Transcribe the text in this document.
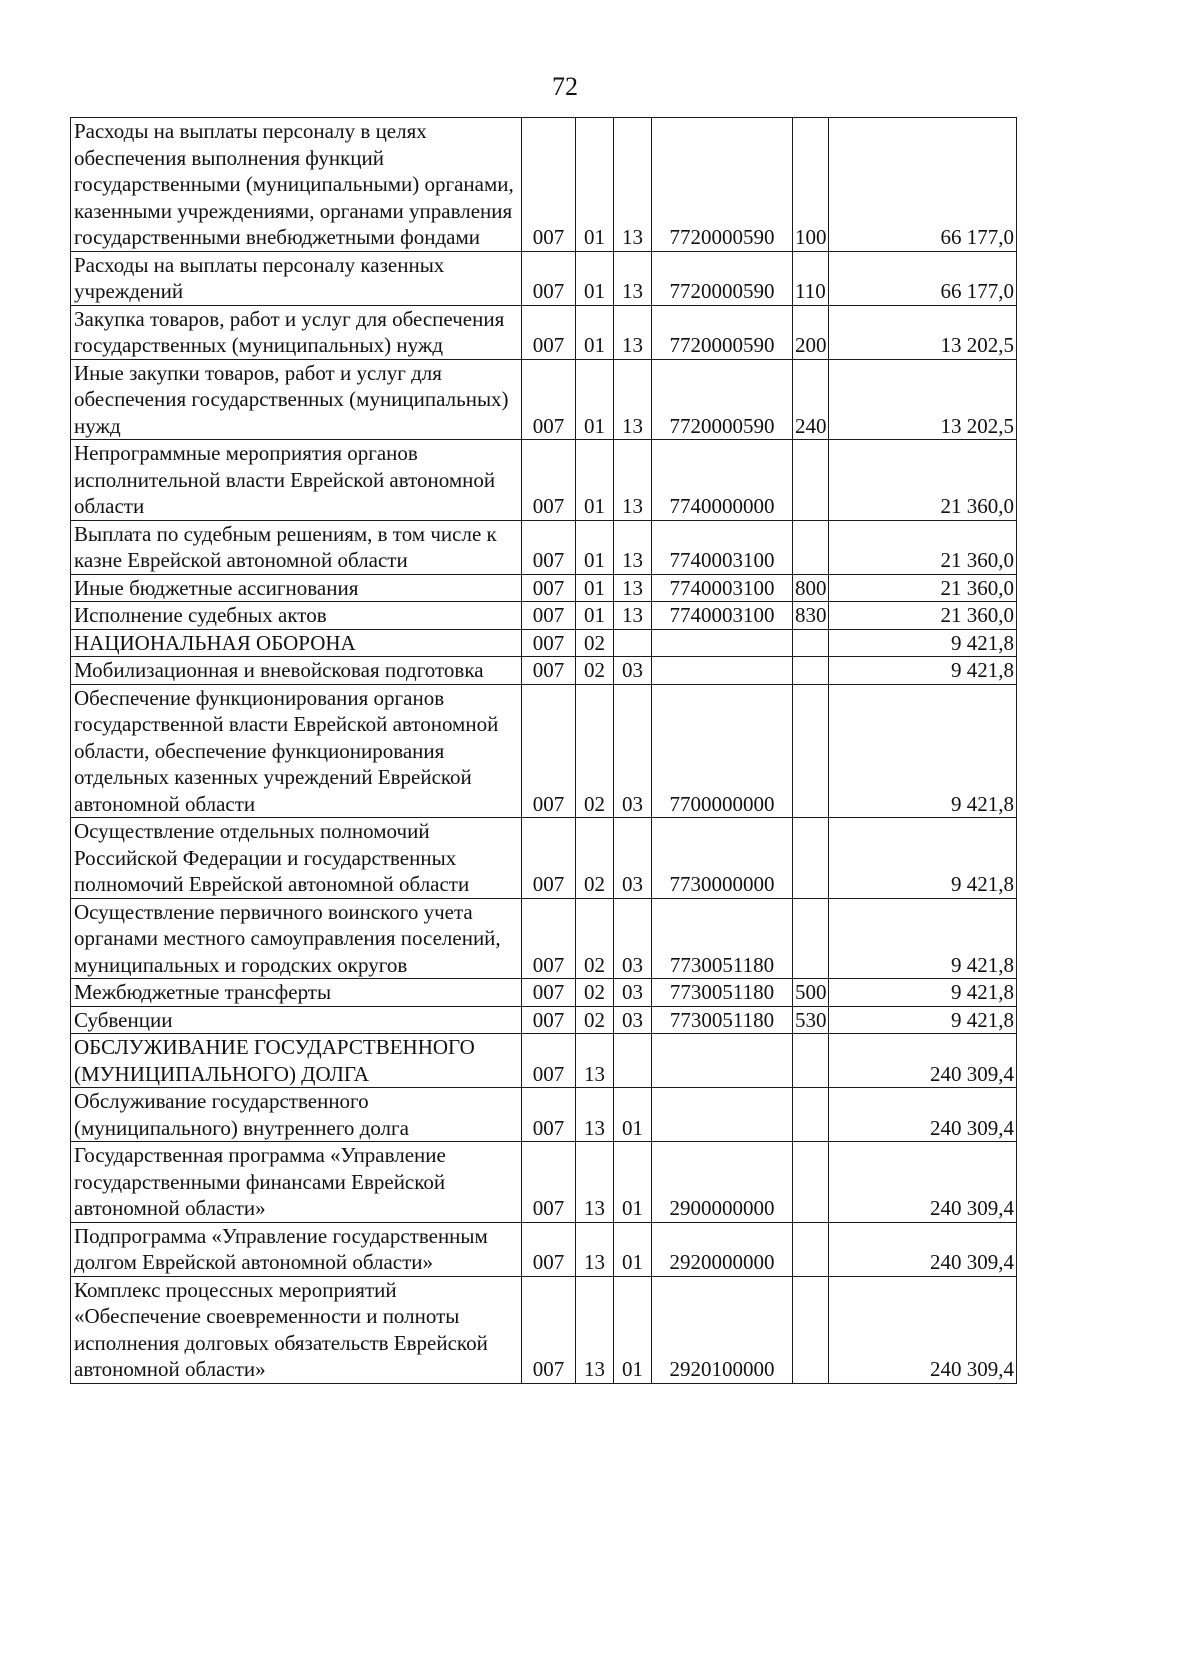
72
Расходы на выплаты персоналу в целях обеспечения выполнения функций государственными (муниципальными) органами, казенными учреждениями, органами управления государственными внебюджетными фондами	007	01	13	7720000590	100	66 177,0
Расходы на выплаты персоналу казенных учреждений	007	01	13	7720000590	110	66 177,0
Закупка товаров, работ и услуг для обеспечения государственных (муниципальных) нужд	007	01	13	7720000590	200	13 202,5
Иные закупки товаров, работ и услуг для обеспечения государственных (муниципальных) нужд	007	01	13	7720000590	240	13 202,5
Непрограммные мероприятия органов исполнительной власти Еврейской автономной области	007	01	13	7740000000		21 360,0
Выплата по судебным решениям, в том числе к казне Еврейской автономной области	007	01	13	7740003100		21 360,0
Иные бюджетные ассигнования	007	01	13	7740003100	800	21 360,0
Исполнение судебных актов	007	01	13	7740003100	830	21 360,0
НАЦИОНАЛЬНАЯ ОБОРОНА	007	02				9 421,8
Мобилизационная и вневойсковая подготовка	007	02	03			9 421,8
Обеспечение функционирования органов государственной власти Еврейской автономной области, обеспечение функционирования отдельных казенных учреждений Еврейской автономной области	007	02	03	7700000000		9 421,8
Осуществление отдельных полномочий Российской Федерации и государственных полномочий Еврейской автономной области	007	02	03	7730000000		9 421,8
Осуществление первичного воинского учета органами местного самоуправления поселений, муниципальных и городских округов	007	02	03	7730051180		9 421,8
Межбюджетные трансферты	007	02	03	7730051180	500	9 421,8
Субвенции	007	02	03	7730051180	530	9 421,8
ОБСЛУЖИВАНИЕ ГОСУДАРСТВЕННОГО (МУНИЦИПАЛЬНОГО) ДОЛГА	007	13				240 309,4
Обслуживание государственного (муниципального) внутреннего долга	007	13	01			240 309,4
Государственная программа «Управление государственными финансами Еврейской автономной области»	007	13	01	2900000000		240 309,4
Подпрограмма «Управление государственным долгом Еврейской автономной области»	007	13	01	2920000000		240 309,4
Комплекс процессных мероприятий «Обеспечение своевременности и полноты исполнения долговых обязательств Еврейской автономной области»	007	13	01	2920100000		240 309,4
